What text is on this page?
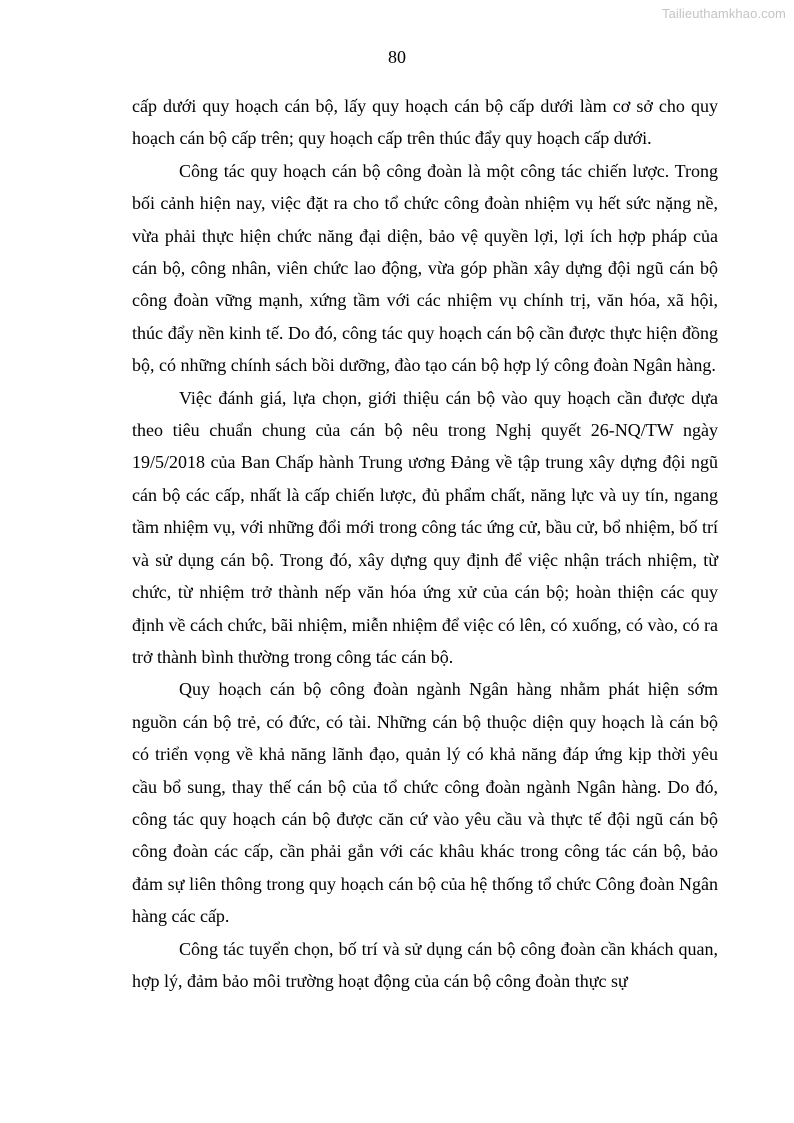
Tailieuthamkhao.com
80

cấp dưới quy hoạch cán bộ, lấy quy hoạch cán bộ cấp dưới làm cơ sở cho quy hoạch cán bộ cấp trên; quy hoạch cấp trên thúc đẩy quy hoạch cấp dưới.

Công tác quy hoạch cán bộ công đoàn là một công tác chiến lược. Trong bối cảnh hiện nay, việc đặt ra cho tổ chức công đoàn nhiệm vụ hết sức nặng nề, vừa phải thực hiện chức năng đại diện, bảo vệ quyền lợi, lợi ích hợp pháp của cán bộ, công nhân, viên chức lao động, vừa góp phần xây dựng đội ngũ cán bộ công đoàn vững mạnh, xứng tầm với các nhiệm vụ chính trị, văn hóa, xã hội, thúc đẩy nền kinh tế. Do đó, công tác quy hoạch cán bộ cần được thực hiện đồng bộ, có những chính sách bồi dưỡng, đào tạo cán bộ hợp lý công đoàn Ngân hàng.

Việc đánh giá, lựa chọn, giới thiệu cán bộ vào quy hoạch cần được dựa theo tiêu chuẩn chung của cán bộ nêu trong Nghị quyết 26-NQ/TW ngày 19/5/2018 của Ban Chấp hành Trung ương Đảng về tập trung xây dựng đội ngũ cán bộ các cấp, nhất là cấp chiến lược, đủ phẩm chất, năng lực và uy tín, ngang tầm nhiệm vụ, với những đổi mới trong công tác ứng cử, bầu cử, bổ nhiệm, bố trí và sử dụng cán bộ. Trong đó, xây dựng quy định để việc nhận trách nhiệm, từ chức, từ nhiệm trở thành nếp văn hóa ứng xử của cán bộ; hoàn thiện các quy định về cách chức, bãi nhiệm, miễn nhiệm để việc có lên, có xuống, có vào, có ra trở thành bình thường trong công tác cán bộ.

Quy hoạch cán bộ công đoàn ngành Ngân hàng nhằm phát hiện sớm nguồn cán bộ trẻ, có đức, có tài. Những cán bộ thuộc diện quy hoạch là cán bộ có triển vọng về khả năng lãnh đạo, quản lý có khả năng đáp ứng kịp thời yêu cầu bổ sung, thay thế cán bộ của tổ chức công đoàn ngành Ngân hàng. Do đó, công tác quy hoạch cán bộ được căn cứ vào yêu cầu và thực tế đội ngũ cán bộ công đoàn các cấp, cần phải gắn với các khâu khác trong công tác cán bộ, bảo đảm sự liên thông trong quy hoạch cán bộ của hệ thống tổ chức Công đoàn Ngân hàng các cấp.

Công tác tuyển chọn, bố trí và sử dụng cán bộ công đoàn cần khách quan, hợp lý, đảm bảo môi trường hoạt động của cán bộ công đoàn thực sự
